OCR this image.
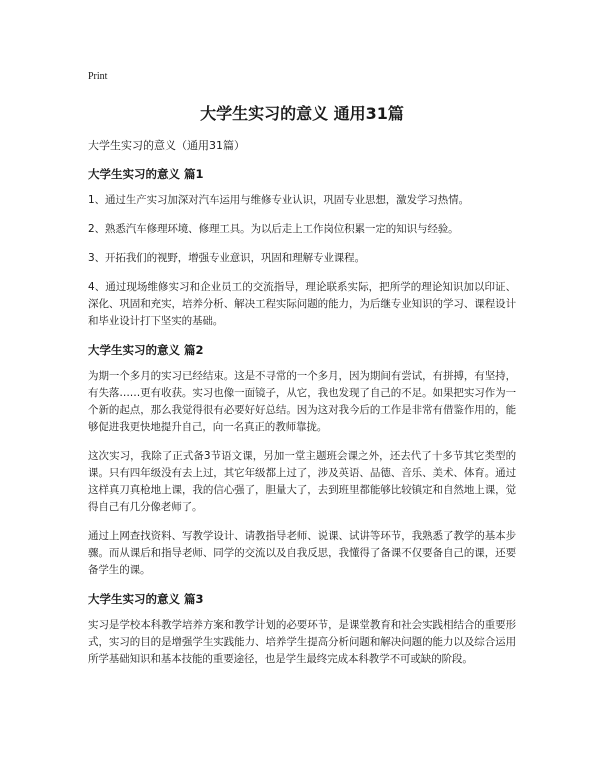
Print
大学生实习的意义 通用31篇
大学生实习的意义（通用31篇）
大学生实习的意义 篇1

1、通过生产实习加深对汽车运用与维修专业认识，巩固专业思想，激发学习热情。

2、熟悉汽车修理环境、修理工具。为以后走上工作岗位积累一定的知识与经验。

3、开拓我们的视野，增强专业意识，巩固和理解专业课程。

4、通过现场维修实习和企业员工的交流指导，理论联系实际，把所学的理论知识加以印证、深化、巩固和充实，培养分析、解决工程实际问题的能力，为后继专业知识的学习、课程设计和毕业设计打下坚实的基础。

大学生实习的意义 篇2

为期一个多月的实习已经结束。这是不寻常的一个多月，因为期间有尝试，有拼搏，有坚持，有失落……更有收获。实习也像一面镜子，从它，我也发现了自己的不足。如果把实习作为一个新的起点，那么我觉得很有必要好好总结。因为这对我今后的工作是非常有借鉴作用的，能够促进我更快地提升自己，向一名真正的教师靠拢。

这次实习，我除了正式备3节语文课，另加一堂主题班会课之外，还去代了十多节其它类型的课。只有四年级没有去上过，其它年级都上过了，涉及英语、品德、音乐、美术、体育。通过这样真刀真枪地上课，我的信心强了，胆量大了，去到班里都能够比较镇定和自然地上课，觉得自己有几分像老师了。

通过上网查找资料、写教学设计、请教指导老师、说课、试讲等环节，我熟悉了教学的基本步骤。而从课后和指导老师、同学的交流以及自我反思，我懂得了备课不仅要备自己的课，还要备学生的课。

大学生实习的意义 篇3

实习是学校本科教学培养方案和教学计划的必要环节，是课堂教育和社会实践相结合的重要形式，实习的目的是增强学生实践能力、培养学生提高分析问题和解决问题的能力以及综合运用所学基础知识和基本技能的重要途径，也是学生最终完成本科教学不可或缺的阶段。
